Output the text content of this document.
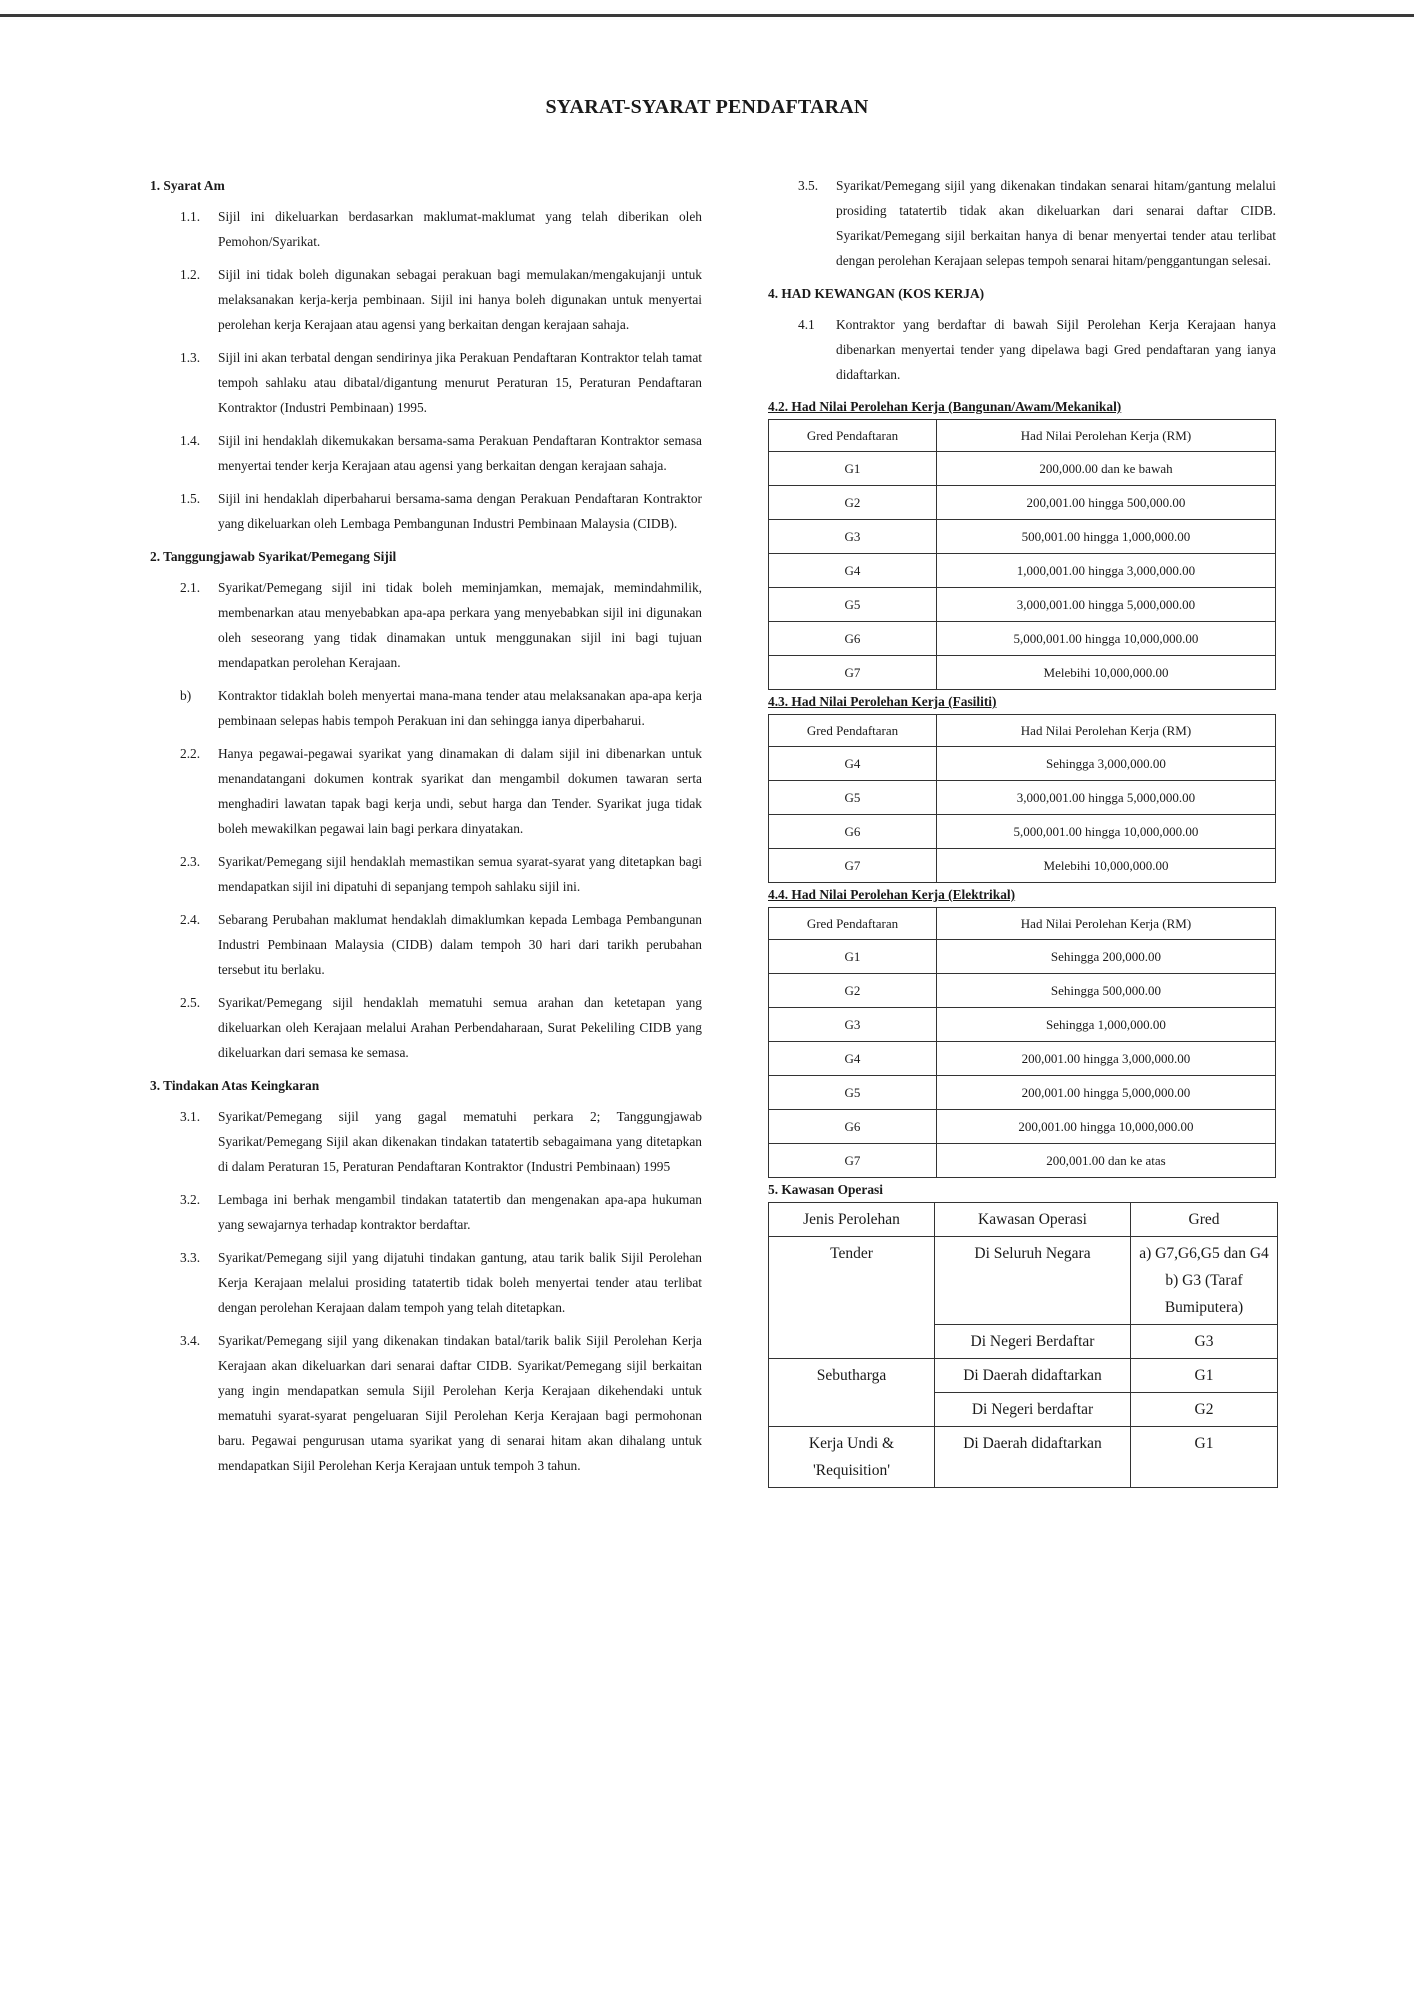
SYARAT-SYARAT PENDAFTARAN
1. Syarat Am
1.1.	Sijil ini dikeluarkan berdasarkan maklumat-maklumat yang telah diberikan oleh Pemohon/Syarikat.
1.2.	Sijil ini tidak boleh digunakan sebagai perakuan bagi memulakan/mengakujanji untuk melaksanakan kerja-kerja pembinaan. Sijil ini hanya boleh digunakan untuk menyertai perolehan kerja Kerajaan atau agensi yang berkaitan dengan kerajaan sahaja.
1.3.	Sijil ini akan terbatal dengan sendirinya jika Perakuan Pendaftaran Kontraktor telah tamat tempoh sahlaku atau dibatal/digantung menurut Peraturan 15, Peraturan Pendaftaran Kontraktor (Industri Pembinaan) 1995.
1.4.	Sijil ini hendaklah dikemukakan bersama-sama Perakuan Pendaftaran Kontraktor semasa menyertai tender kerja Kerajaan atau agensi yang berkaitan dengan kerajaan sahaja.
1.5.	Sijil ini hendaklah diperbaharui bersama-sama dengan Perakuan Pendaftaran Kontraktor yang dikeluarkan oleh Lembaga Pembangunan Industri Pembinaan Malaysia (CIDB).
2. Tanggungjawab Syarikat/Pemegang Sijil
2.1.	Syarikat/Pemegang sijil ini tidak boleh meminjamkan, memajak, memindahmilik, membenarkan atau menyebabkan apa-apa perkara yang menyebabkan sijil ini digunakan oleh seseorang yang tidak dinamakan untuk menggunakan sijil ini bagi tujuan mendapatkan perolehan Kerajaan.
b)	Kontraktor tidaklah boleh menyertai mana-mana tender atau melaksanakan apa-apa kerja pembinaan selepas habis tempoh Perakuan ini dan sehingga ianya diperbaharui.
2.2.	Hanya pegawai-pegawai syarikat yang dinamakan di dalam sijil ini dibenarkan untuk menandatangani dokumen kontrak syarikat dan mengambil dokumen tawaran serta menghadiri lawatan tapak bagi kerja undi, sebut harga dan Tender. Syarikat juga tidak boleh mewakilkan pegawai lain bagi perkara dinyatakan.
2.3.	Syarikat/Pemegang sijil hendaklah memastikan semua syarat-syarat yang ditetapkan bagi mendapatkan sijil ini dipatuhi di sepanjang tempoh sahlaku sijil ini.
2.4.	Sebarang Perubahan maklumat hendaklah dimaklumkan kepada Lembaga Pembangunan Industri Pembinaan Malaysia (CIDB) dalam tempoh 30 hari dari tarikh perubahan tersebut itu berlaku.
2.5.	Syarikat/Pemegang sijil hendaklah mematuhi semua arahan dan ketetapan yang dikeluarkan oleh Kerajaan melalui Arahan Perbendaharaan, Surat Pekeliling CIDB yang dikeluarkan dari semasa ke semasa.
3. Tindakan Atas Keingkaran
3.1.	Syarikat/Pemegang sijil yang gagal mematuhi perkara 2; Tanggungjawab Syarikat/Pemegang Sijil akan dikenakan tindakan tatatertib sebagaimana yang ditetapkan di dalam Peraturan 15, Peraturan Pendaftaran Kontraktor (Industri Pembinaan) 1995
3.2.	Lembaga ini berhak mengambil tindakan tatatertib dan mengenakan apa-apa hukuman yang sewajarnya terhadap kontraktor berdaftar.
3.3.	Syarikat/Pemegang sijil yang dijatuhi tindakan gantung, atau tarik balik Sijil Perolehan Kerja Kerajaan melalui prosiding tatatertib tidak boleh menyertai tender atau terlibat dengan perolehan Kerajaan dalam tempoh yang telah ditetapkan.
3.4.	Syarikat/Pemegang sijil yang dikenakan tindakan batal/tarik balik Sijil Perolehan Kerja Kerajaan akan dikeluarkan dari senarai daftar CIDB. Syarikat/Pemegang sijil berkaitan yang ingin mendapatkan semula Sijil Perolehan Kerja Kerajaan dikehendaki untuk mematuhi syarat-syarat pengeluaran Sijil Perolehan Kerja Kerajaan bagi permohonan baru. Pegawai pengurusan utama syarikat yang di senarai hitam akan dihalang untuk mendapatkan Sijil Perolehan Kerja Kerajaan untuk tempoh 3 tahun.
3.5.	Syarikat/Pemegang sijil yang dikenakan tindakan senarai hitam/gantung melalui prosiding tatatertib tidak akan dikeluarkan dari senarai daftar CIDB. Syarikat/Pemegang sijil berkaitan hanya di benar menyertai tender atau terlibat dengan perolehan Kerajaan selepas tempoh senarai hitam/penggantungan selesai.
4. HAD KEWANGAN (KOS KERJA)
4.1	Kontraktor yang berdaftar di bawah Sijil Perolehan Kerja Kerajaan hanya dibenarkan menyertai tender yang dipelawa bagi Gred pendaftaran yang ianya didaftarkan.
4.2. Had Nilai Perolehan Kerja (Bangunan/Awam/Mekanikal)
Gred Pendaftaran	Had Nilai Perolehan Kerja (RM)
G1	200,000.00 dan ke bawah
G2	200,001.00 hingga 500,000.00
G3	500,001.00 hingga 1,000,000.00
G4	1,000,001.00 hingga 3,000,000.00
G5	3,000,001.00 hingga 5,000,000.00
G6	5,000,001.00 hingga 10,000,000.00
G7	Melebihi 10,000,000.00
4.3. Had Nilai Perolehan Kerja (Fasiliti)
Gred Pendaftaran	Had Nilai Perolehan Kerja (RM)
G4	Sehingga 3,000,000.00
G5	3,000,001.00 hingga 5,000,000.00
G6	5,000,001.00 hingga 10,000,000.00
G7	Melebihi 10,000,000.00
4.4. Had Nilai Perolehan Kerja (Elektrikal)
Gred Pendaftaran	Had Nilai Perolehan Kerja (RM)
G1	Sehingga 200,000.00
G2	Sehingga 500,000.00
G3	Sehingga 1,000,000.00
G4	200,001.00 hingga 3,000,000.00
G5	200,001.00 hingga 5,000,000.00
G6	200,001.00 hingga 10,000,000.00
G7	200,001.00 dan ke atas
5. Kawasan Operasi
Jenis Perolehan	Kawasan Operasi	Gred
Tender	Di Seluruh Negara	a) G7,G6,G5 dan G4 b) G3 (Taraf Bumiputera)
	Di Negeri Berdaftar	G3
Sebutharga	Di Daerah didaftarkan	G1
	Di Negeri berdaftar	G2
Kerja Undi & 'Requisition'	Di Daerah didaftarkan	G1
